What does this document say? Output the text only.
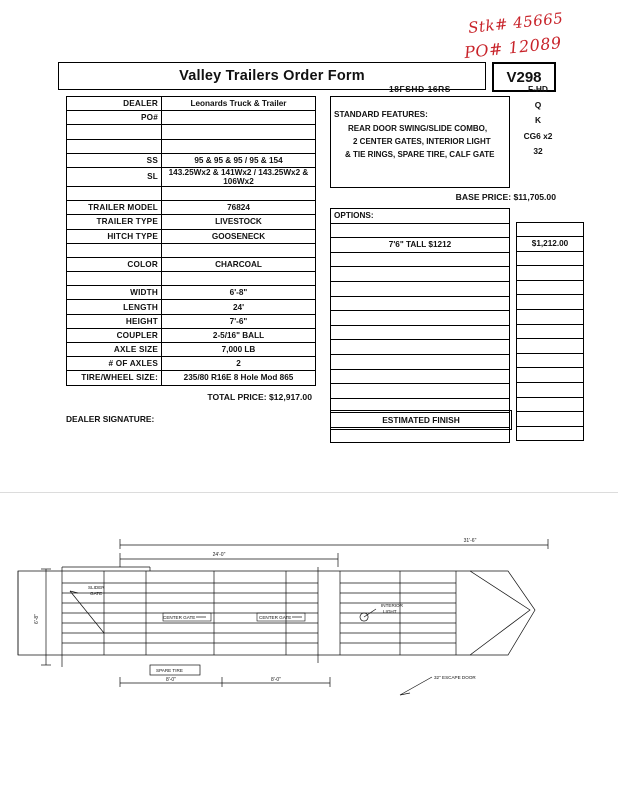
Stk# 45665
PO# 12089
Valley Trailers Order Form	V298
DEALER	Leonards Truck & Trailer
PO#	

SS	95 & 95 & 95 / 95 & 154
SL	143.25Wx2 & 141Wx2 / 143.25Wx2 & 106Wx2

TRAILER MODEL	76824
TRAILER TYPE	LIVESTOCK
HITCH TYPE	GOOSENECK

COLOR	CHARCOAL

WIDTH	6'-8"
LENGTH	24'
HEIGHT	7'-6"
COUPLER	2-5/16" BALL
AXLE SIZE	7,000 LB
# OF AXLES	2
TIRE/WHEEL SIZE:	235/80 R16E 8 Hole Mod 865
18FSHD 16RS
STANDARD FEATURES:
REAR DOOR SWING/SLIDE COMBO,
2 CENTER GATES, INTERIOR LIGHT
& TIE RINGS, SPARE TIRE, CALF GATE
F-HD
Q
K
CG6 x2
32
BASE PRICE: $11,705.00
OPTIONS:

7'6" TALL $1212	$1,212.00

TOTAL PRICE: $12,917.00
DEALER SIGNATURE:	ESTIMATED FINISH
24'-0"
31'-6"
6'-8"
8'-0"	8'-0"
SLIDER
GATE
CENTER GATE	CENTER GATE
INTERIOR
LIGHT
SPARE TIRE
32" ESCAPE DOOR
